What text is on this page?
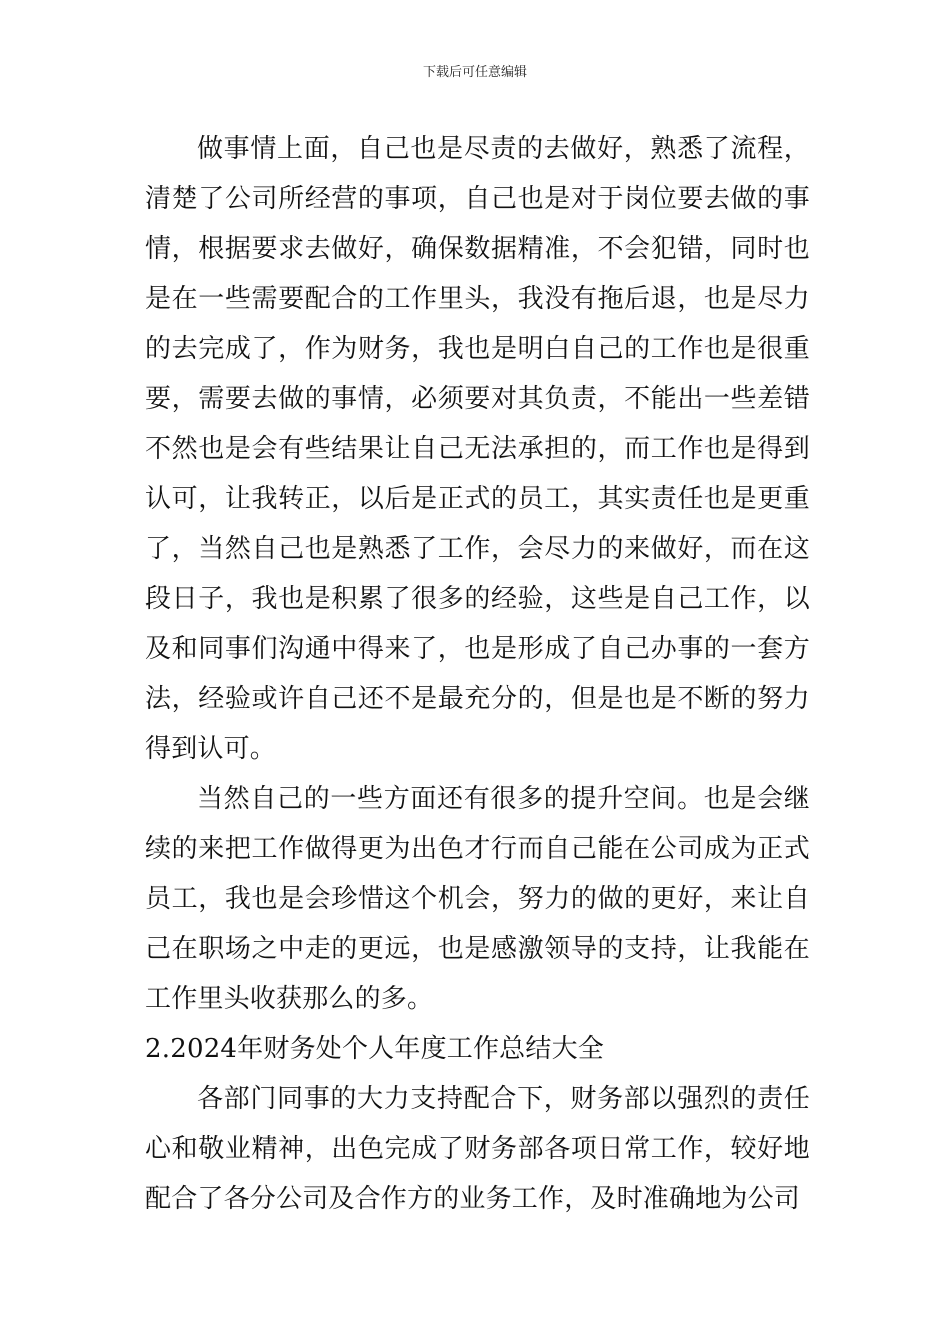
下载后可任意编辑

做事情上面，自己也是尽责的去做好，熟悉了流程，清楚了公司所经营的事项，自己也是对于岗位要去做的事情，根据要求去做好，确保数据精准，不会犯错，同时也是在一些需要配合的工作里头，我没有拖后退，也是尽力的去完成了，作为财务，我也是明白自己的工作也是很重要，需要去做的事情，必须要对其负责，不能出一些差错不然也是会有些结果让自己无法承担的，而工作也是得到认可，让我转正，以后是正式的员工，其实责任也是更重了，当然自己也是熟悉了工作，会尽力的来做好，而在这段日子，我也是积累了很多的经验，这些是自己工作，以及和同事们沟通中得来了，也是形成了自己办事的一套方法，经验或许自己还不是最充分的，但是也是不断的努力得到认可。

当然自己的一些方面还有很多的提升空间。也是会继续的来把工作做得更为出色才行而自己能在公司成为正式员工，我也是会珍惜这个机会，努力的做的更好，来让自己在职场之中走的更远，也是感激领导的支持，让我能在工作里头收获那么的多。

2.2024年财务处个人年度工作总结大全

各部门同事的大力支持配合下，财务部以强烈的责任心和敬业精神，出色完成了财务部各项日常工作，较好地配合了各分公司及合作方的业务工作，及时准确地为公司
